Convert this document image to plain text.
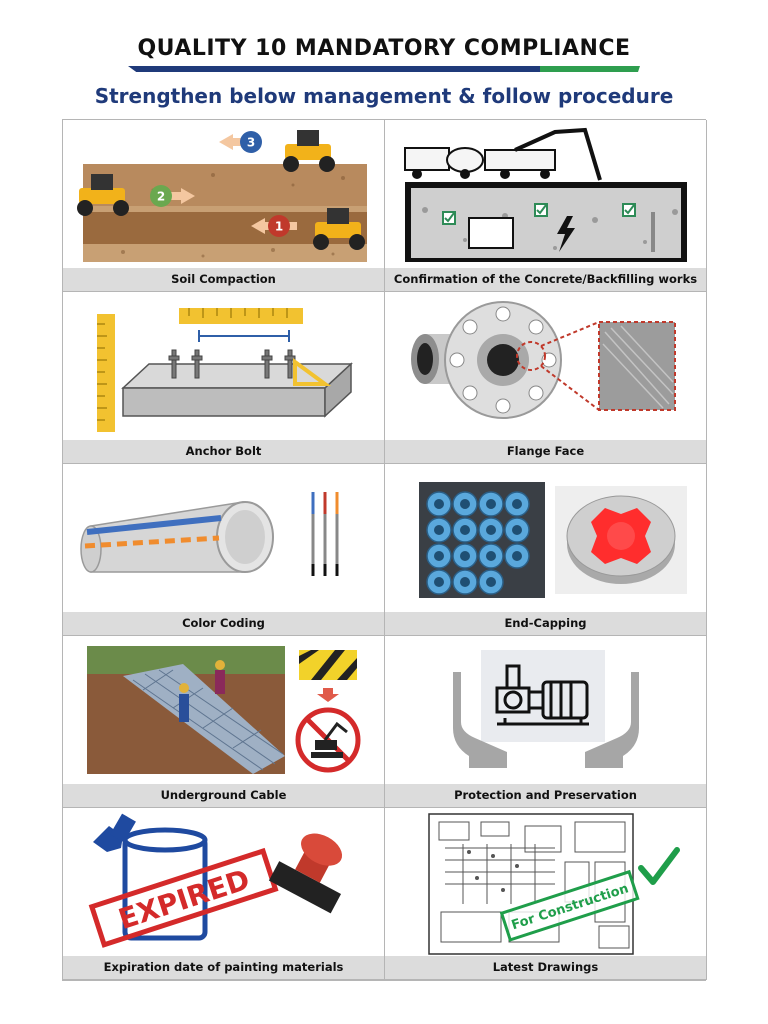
QUALITY 10 MANDATORY COMPLIANCE
Strengthen below management & follow procedure
3
2
1
Soil Compaction	Confirmation of the Concrete/Backfilling works
Anchor Bolt	Flange Face
Color Coding	End-Capping
Underground Cable	Protection and Preservation
EXPIRED
Expiration date of painting materials
For Construction
Latest Drawings
